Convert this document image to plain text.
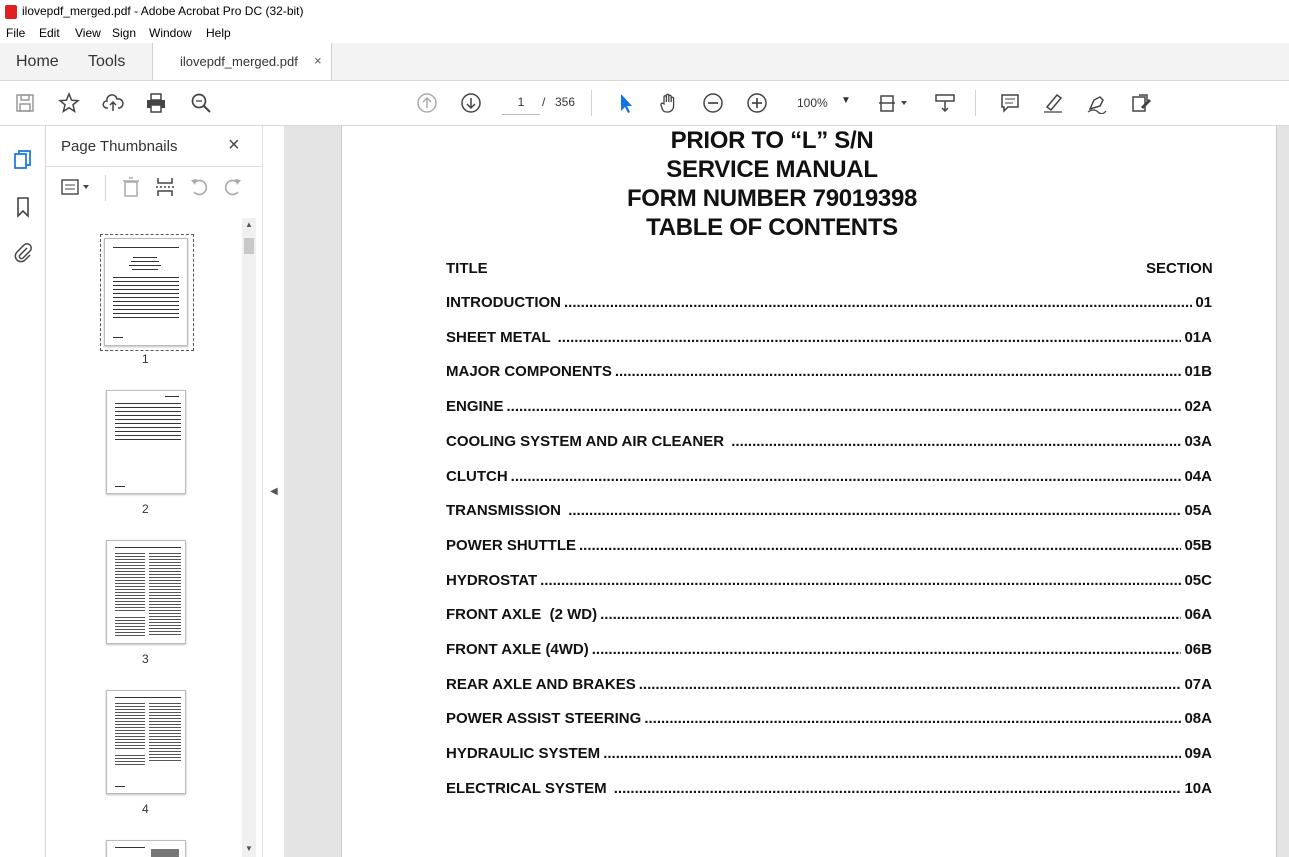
ilovepdf_merged.pdf - Adobe Acrobat Pro DC (32-bit)
File Edit View Sign Window Help
Home Tools	ilovepdf_merged.pdf ×
1
/ 356	100% ▼
Page Thumbnails	×
1
2
3
4
▲
▼
◀
PRIOR TO “L” S/N
SERVICE MANUAL
FORM NUMBER 79019398
TABLE OF CONTENTS
TITLE	SECTION
INTRODUCTION .....	01
SHEET METAL .....	01A
MAJOR COMPONENTS .....	01B
ENGINE .....	02A
COOLING SYSTEM AND AIR CLEANER .....	03A
CLUTCH .....	04A
TRANSMISSION .....	05A
POWER SHUTTLE .....	05B
HYDROSTAT .....	05C
FRONT AXLE  (2 WD) .....	06A
FRONT AXLE (4WD) .....	06B
REAR AXLE AND BRAKES .....	07A
POWER ASSIST STEERING .....	08A
HYDRAULIC SYSTEM .....	09A
ELECTRICAL SYSTEM .....	10A
